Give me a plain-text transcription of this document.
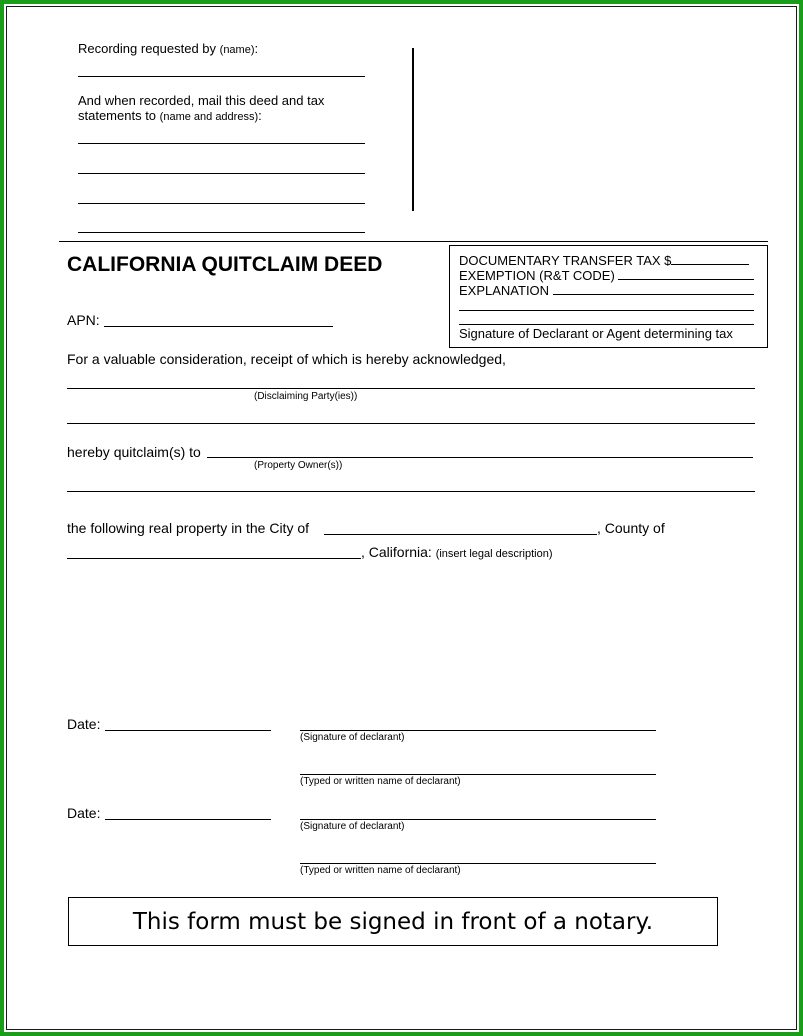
Recording requested by (name):
And when recorded, mail this deed and tax
statements to (name and address):
CALIFORNIA QUITCLAIM DEED	DOCUMENTARY TRANSFER TAX $
EXEMPTION (R&T CODE)
EXPLANATION
Signature of Declarant or Agent determining tax
APN:
For a valuable consideration, receipt of which is hereby acknowledged,
(Disclaiming Party(ies))
hereby quitclaim(s) to
(Property Owner(s))
the following real property in the City of	, County of
, California: (insert legal description)
Date:
(Signature of declarant)
(Typed or written name of declarant)
Date:
(Signature of declarant)
(Typed or written name of declarant)
This form must be signed in front of a notary.
